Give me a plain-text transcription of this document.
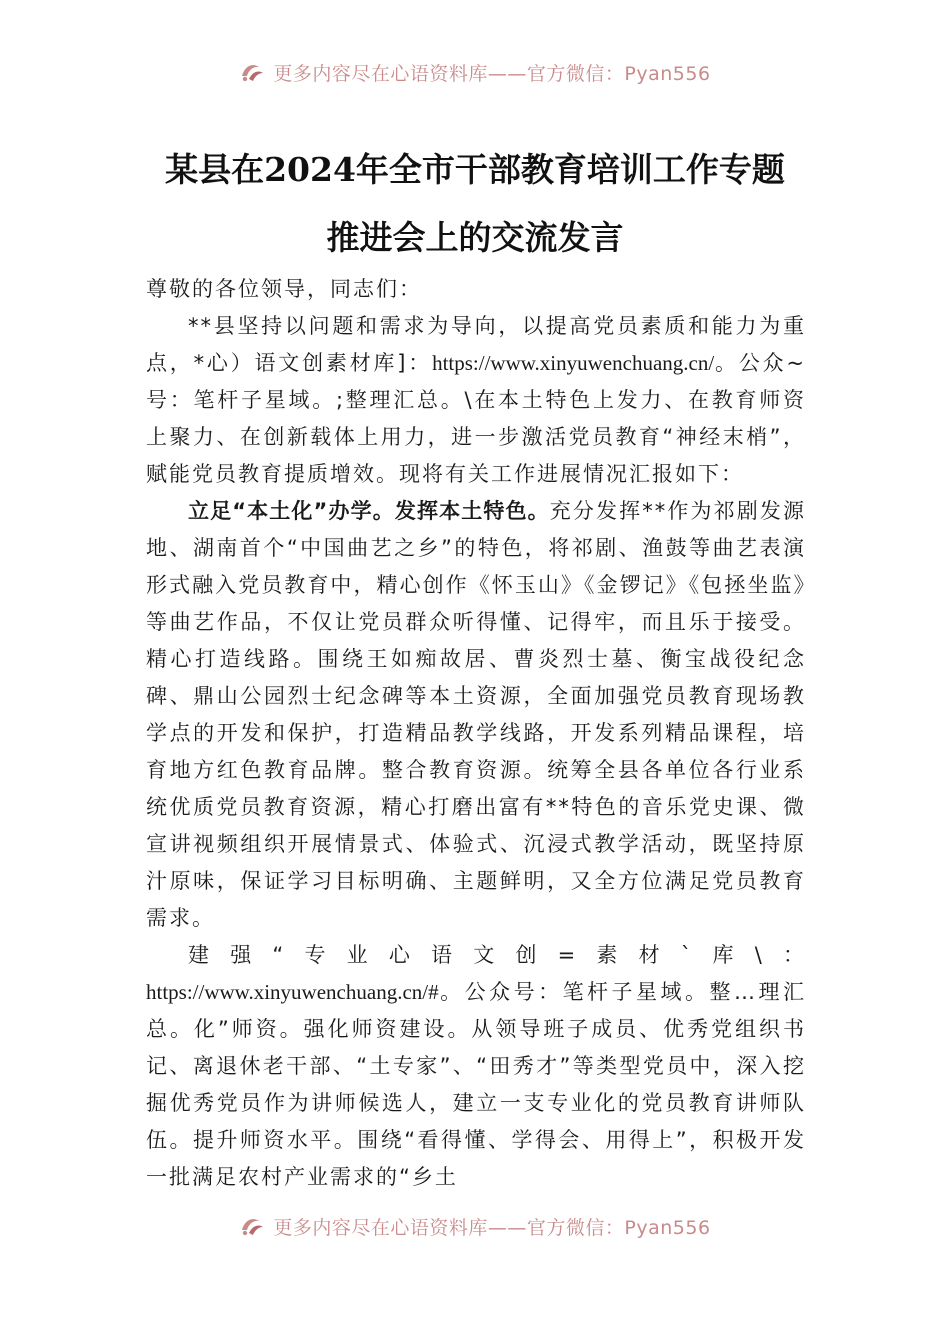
更多内容尽在心语资料库——官方微信：Pyan556
某县在2024年全市干部教育培训工作专题
推进会上的交流发言

尊敬的各位领导，同志们：

**县坚持以问题和需求为导向，以提高党员素质和能力为重点，*心）语文创素材库]：https://www.xinyuwenchuang.cn/。公众~号：笔杆子星域。;整理汇总。\在本土特色上发力、在教育师资上聚力、在创新载体上用力，进一步激活党员教育“神经末梢”，赋能党员教育提质增效。现将有关工作进展情况汇报如下：

立足“本土化”办学。发挥本土特色。充分发挥**作为祁剧发源地、湖南首个“中国曲艺之乡”的特色，将祁剧、渔鼓等曲艺表演形式融入党员教育中，精心创作《怀玉山》《金锣记》《包拯坐监》等曲艺作品，不仅让党员群众听得懂、记得牢，而且乐于接受。精心打造线路。围绕王如痴故居、曹炎烈士墓、衡宝战役纪念碑、鼎山公园烈士纪念碑等本土资源，全面加强党员教育现场教学点的开发和保护，打造精品教学线路，开发系列精品课程，培育地方红色教育品牌。整合教育资源。统筹全县各单位各行业系统优质党员教育资源，精心打磨出富有**特色的音乐党史课、微宣讲视频组织开展情景式、体验式、沉浸式教学活动，既坚持原汁原味，保证学习目标明确、主题鲜明，又全方位满足党员教育需求。

建强“专业心语文创=素材`库\：https://www.xinyuwenchuang.cn/#。公众号：笔杆子星域。整…理汇总。化”师资。强化师资建设。从领导班子成员、优秀党组织书记、离退休老干部、“土专家”、“田秀才”等类型党员中，深入挖掘优秀党员作为讲师候选人，建立一支专业化的党员教育讲师队伍。提升师资水平。围绕“看得懂、学得会、用得上”，积极开发一批满足农村产业需求的“乡土

更多内容尽在心语资料库——官方微信：Pyan556
